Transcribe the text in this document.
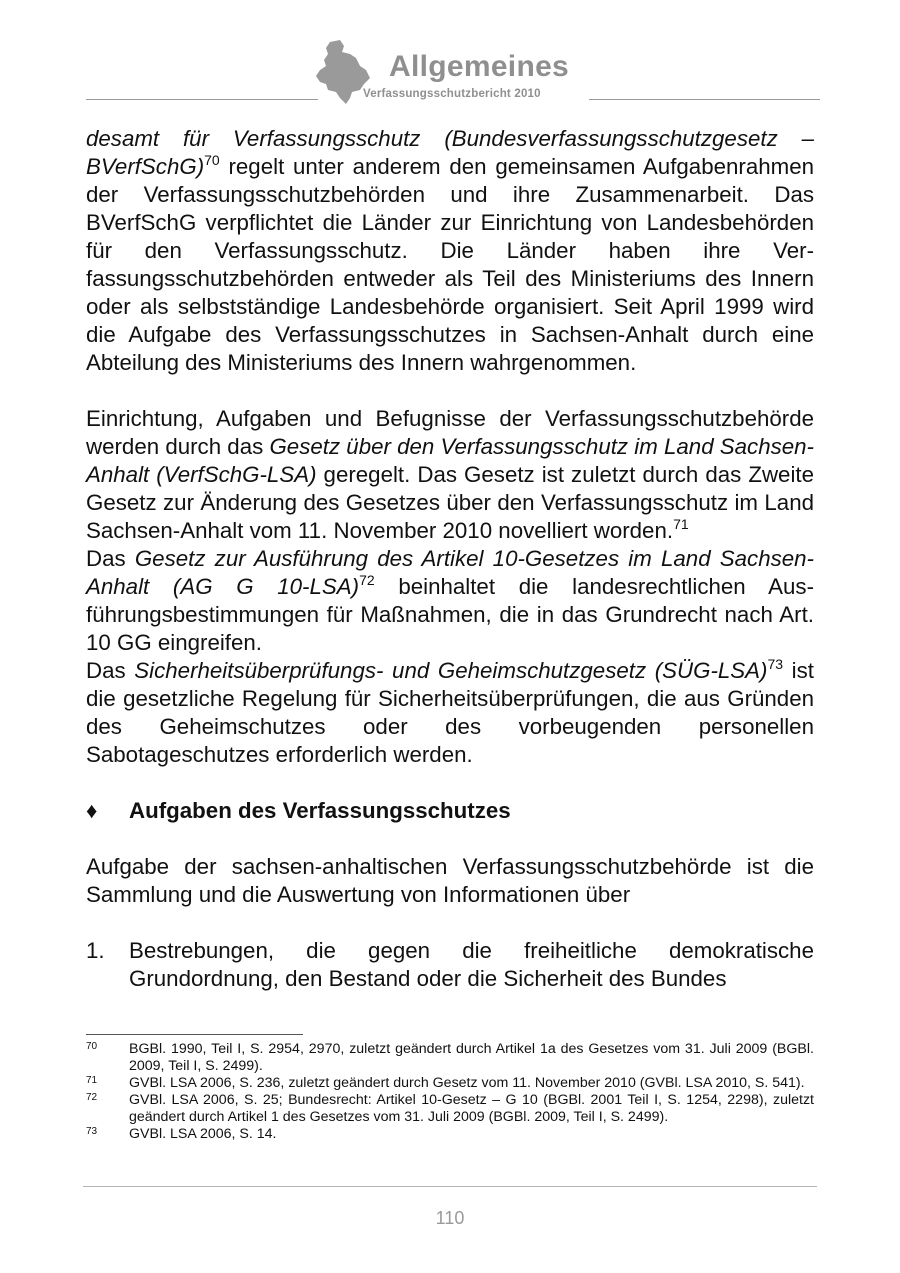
Allgemeines
Verfassungsschutzbericht 2010

desamt für Verfassungsschutz (Bundesverfassungsschutzgesetz – BVerfSchG)$^{70}$ regelt unter anderem den gemeinsamen Aufgabenrahmen der Verfassungsschutzbehörden und ihre Zusammenarbeit. Das BVerfSchG verpflichtet die Länder zur Einrichtung von Landesbehörden für den Verfassungsschutz. Die Länder haben ihre Verfassungsschutzbehörden entweder als Teil des Ministeriums des Innern oder als selbstständige Landesbehörde organisiert. Seit April 1999 wird die Aufgabe des Verfassungsschutzes in Sachsen-Anhalt durch eine Abteilung des Ministeriums des Innern wahrgenommen.

Einrichtung, Aufgaben und Befugnisse der Verfassungsschutzbehörde werden durch das Gesetz über den Verfassungsschutz im Land Sachsen-Anhalt (VerfSchG-LSA) geregelt. Das Gesetz ist zuletzt durch das Zweite Gesetz zur Änderung des Gesetzes über den Verfassungsschutz im Land Sachsen-Anhalt vom 11. November 2010 novelliert worden.$^{71}$

Das Gesetz zur Ausführung des Artikel 10-Gesetzes im Land Sachsen-Anhalt (AG G 10-LSA)$^{72}$ beinhaltet die landesrechtlichen Ausführungsbestimmungen für Maßnahmen, die in das Grundrecht nach Art. 10 GG eingreifen.

Das Sicherheitsüberprüfungs- und Geheimschutzgesetz (SÜG-LSA)$^{73}$ ist die gesetzliche Regelung für Sicherheitsüberprüfungen, die aus Gründen des Geheimschutzes oder des vorbeugenden personellen Sabotageschutzes erforderlich werden.

♦	Aufgaben des Verfassungsschutzes

Aufgabe der sachsen-anhaltischen Verfassungsschutzbehörde ist die Sammlung und die Auswertung von Informationen über

1.	Bestrebungen, die gegen die freiheitliche demokratische Grundordnung, den Bestand oder die Sicherheit des Bundes
70	BGBl. 1990, Teil I, S. 2954, 2970, zuletzt geändert durch Artikel 1a des Gesetzes vom 31. Juli 2009 (BGBl. 2009, Teil I, S. 2499).
71	GVBl. LSA 2006, S. 236, zuletzt geändert durch Gesetz vom 11. November 2010 (GVBl. LSA 2010, S. 541).
72	GVBl. LSA 2006, S. 25; Bundesrecht: Artikel 10-Gesetz – G 10 (BGBl. 2001 Teil I, S. 1254, 2298), zuletzt geändert durch Artikel 1 des Gesetzes vom 31. Juli 2009 (BGBl. 2009, Teil I, S. 2499).
73	GVBl. LSA 2006, S. 14.
110
